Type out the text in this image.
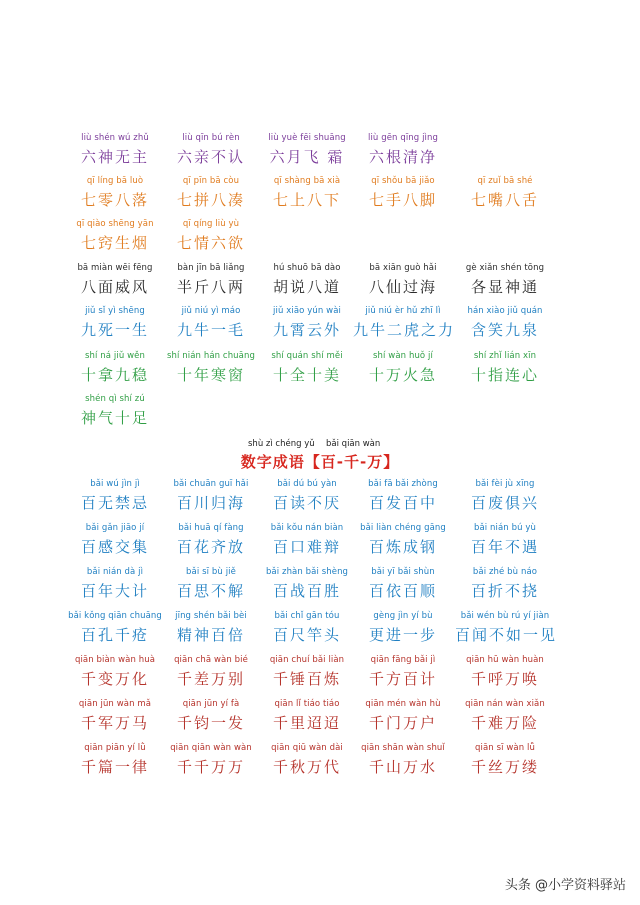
liù shén wú zhǔ
六神无主
liù qīn bú rèn
六亲不认
liù yuè fēi shuāng
六月飞 霜
liù gēn qīng jìng
六根清净
qī líng bā luò
七零八落
qī pīn bā còu
七拼八凑
qī shàng bā xià
七上八下
qī shǒu bā jiǎo
七手八脚
qī zuǐ bā shé
七嘴八舌
qī qiào shēng yān
七窍生烟
qī qíng liù yù
七情六欲
bā miàn wēi fēng
八面威风
bàn jīn bā liǎng
半斤八两
hú shuō bā dào
胡说八道
bā xiān guò hǎi
八仙过海
gè xiǎn shén tōng
各显神通
jiǔ sǐ yì shēng
九死一生
jiǔ niú yì máo
九牛一毛
jiǔ xiāo yún wài
九霄云外
jiǔ niú èr hǔ zhī lì
九牛二虎之力
hán xiào jiǔ quán
含笑九泉
shí ná jiǔ wěn
十拿九稳
shí nián hán chuāng
十年寒窗
shí quán shí měi
十全十美
shí wàn huǒ jí
十万火急
shí zhǐ lián xīn
十指连心
shén qì shí zú
神气十足
bǎi wú jìn jì
百无禁忌
bǎi chuān guī hǎi
百川归海
bǎi dú bú yàn
百读不厌
bǎi fā bǎi zhòng
百发百中
bǎi fèi jù xīng
百废俱兴
bǎi gǎn jiāo jí
百感交集
bǎi huā qí fàng
百花齐放
bǎi kǒu nán biàn
百口难辩
bǎi liàn chéng gāng
百炼成钢
bǎi nián bú yù
百年不遇
bǎi nián dà jì
百年大计
bǎi sī bù jiě
百思不解
bǎi zhàn bǎi shèng
百战百胜
bǎi yī bǎi shùn
百依百顺
bǎi zhé bù náo
百折不挠
bǎi kǒng qiān chuāng
百孔千疮
jīng shén bǎi bèi
精神百倍
bǎi chǐ gān tóu
百尺竿头
gèng jìn yí bù
更进一步
bǎi wén bù rú yí jiàn
百闻不如一见
qiān biàn wàn huà
千变万化
qiān chā wàn bié
千差万别
qiān chuí bǎi liàn
千锤百炼
qiān fāng bǎi jì
千方百计
qiān hū wàn huàn
千呼万唤
qiān jūn wàn mǎ
千军万马
qiān jūn yí fà
千钧一发
qiān lǐ tiáo tiáo
千里迢迢
qiān mén wàn hù
千门万户
qiān nán wàn xiǎn
千难万险
qiān piān yí lǜ
千篇一律
qiān qiān wàn wàn
千千万万
qiān qiū wàn dài
千秋万代
qiān shān wàn shuǐ
千山万水
qiān sī wàn lǚ
千丝万缕
shù zì chéng yǔ bǎi qiān wàn
数字成语【百-千-万】
头条 @小学资料驿站
